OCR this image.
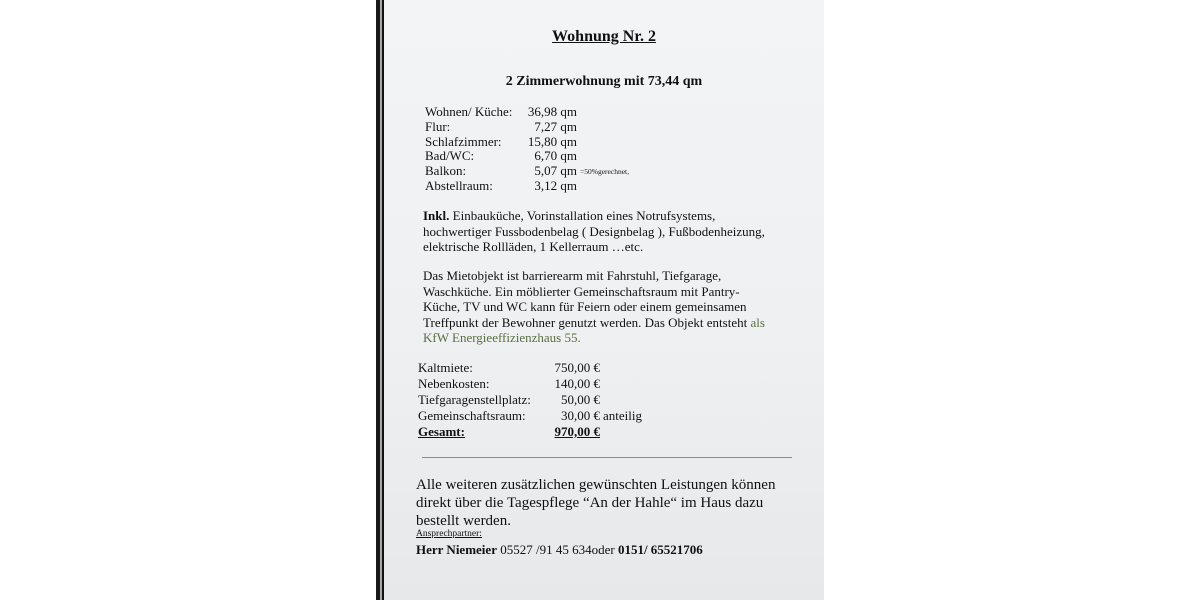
Wohnung Nr. 2
2 Zimmerwohnung mit 73,44 qm
Wohnen/ Küche:	36,98 qm
Flur:	7,27 qm
Schlafzimmer:	15,80 qm
Bad/WC:	6,70 qm
Balkon:	5,07 qm =50%gerechnet,
Abstellraum:	3,12 qm
Inkl. Einbauküche, Vorinstallation eines Notrufsystems,
hochwertiger Fussbodenbelag ( Designbelag ), Fußbodenheizung,
elektrische Rollläden, 1 Kellerraum …etc.
Das Mietobjekt ist barrierearm mit Fahrstuhl, Tiefgarage,
Waschküche. Ein möblierter Gemeinschaftsraum mit Pantry-
Küche, TV und WC kann für Feiern oder einem gemeinsamen
Treffpunkt der Bewohner genutzt werden. Das Objekt entsteht als
KfW Energieeffizienzhaus 55.
Kaltmiete:	750,00 €
Nebenkosten:	140,00 €
Tiefgaragenstellplatz:	50,00 €
Gemeinschaftsraum:	30,00 € anteilig
Gesamt:	970,00 €
Alle weiteren zusätzlichen gewünschten Leistungen können
direkt über die Tagespflege “An der Hahle“ im Haus dazu
bestellt werden.
Ansprechpartner:
Herr Niemeier 05527 /91 45 634oder 0151/ 65521706
